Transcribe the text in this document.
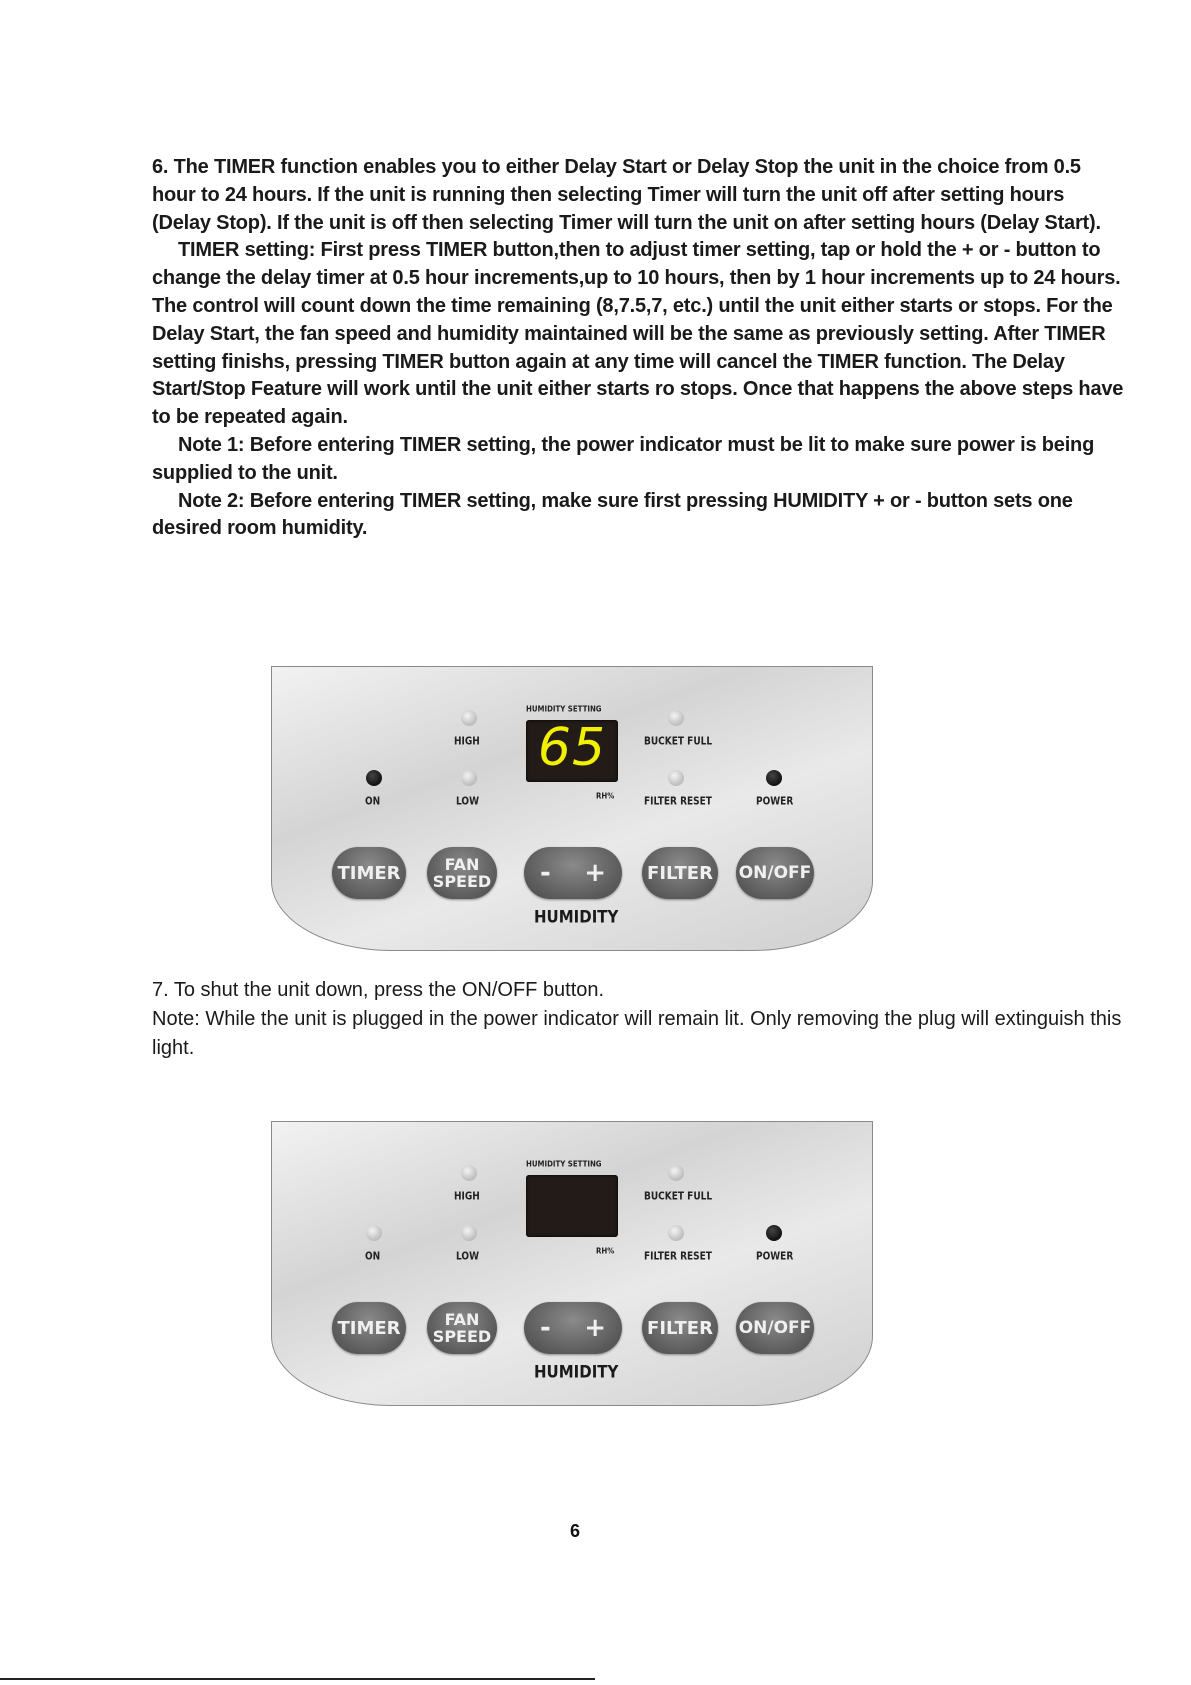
6. The TIMER function enables you to either Delay Start or Delay Stop the unit in the choice from 0.5 hour to 24 hours. If the unit is running then selecting Timer will turn the unit off after setting hours (Delay Stop). If the unit is off then selecting Timer will turn the unit on after setting hours (Delay Start).

TIMER setting: First press TIMER button,then to adjust timer setting, tap or hold the + or - button to change the delay timer at 0.5 hour increments,up to 10 hours, then by 1 hour increments up to 24 hours. The control will count down the time remaining (8,7.5,7, etc.) until the unit either starts or stops. For the Delay Start, the fan speed and humidity maintained will be the same as previously setting. After TIMER setting finishs, pressing TIMER button again at any time will cancel the TIMER function. The Delay Start/Stop Feature will work until the unit either starts ro stops. Once that happens the above steps have to be repeated again.

Note 1: Before entering TIMER setting, the power indicator must be lit to make sure power is being supplied to the unit.

Note 2: Before entering TIMER setting, make sure first pressing HUMIDITY + or - button sets one desired room humidity.

HIGH
LOW
ON
HUMIDITY SETTING
65
RH%
BUCKET FULL
FILTER RESET	POWER
TIMER	FAN
SPEED - + FILTER ON/OFF
HUMIDITY

7. To shut the unit down, press the ON/OFF button.

Note: While the unit is plugged in the power indicator will remain lit. Only removing the plug will extinguish this light.

HIGH
LOW
ON
HUMIDITY SETTING
RH%
BUCKET FULL
FILTER RESET	POWER
TIMER	FAN
SPEED - + FILTER ON/OFF
HUMIDITY
6
